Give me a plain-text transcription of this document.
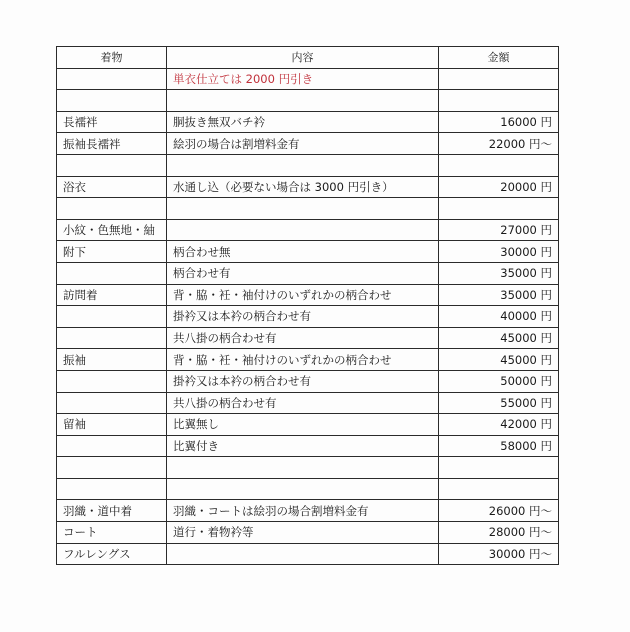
着物	内容	金額
	単衣仕立ては 2000 円引き	

長襦袢	胴抜き無双バチ衿	16000 円
振袖長襦袢	絵羽の場合は割増料金有	22000 円～

浴衣	水通し込（必要ない場合は 3000 円引き）	20000 円

小紋・色無地・紬		27000 円
附下	柄合わせ無	30000 円
	柄合わせ有	35000 円
訪問着	背・脇・衽・袖付けのいずれかの柄合わせ	35000 円
	掛衿又は本衿の柄合わせ有	40000 円
	共八掛の柄合わせ有	45000 円
振袖	背・脇・衽・袖付けのいずれかの柄合わせ	45000 円
	掛衿又は本衿の柄合わせ有	50000 円
	共八掛の柄合わせ有	55000 円
留袖	比翼無し	42000 円
	比翼付き	58000 円

羽織・道中着	羽織・コートは絵羽の場合割増料金有	26000 円～
コート	道行・着物衿等	28000 円～
フルレングス		30000 円～
